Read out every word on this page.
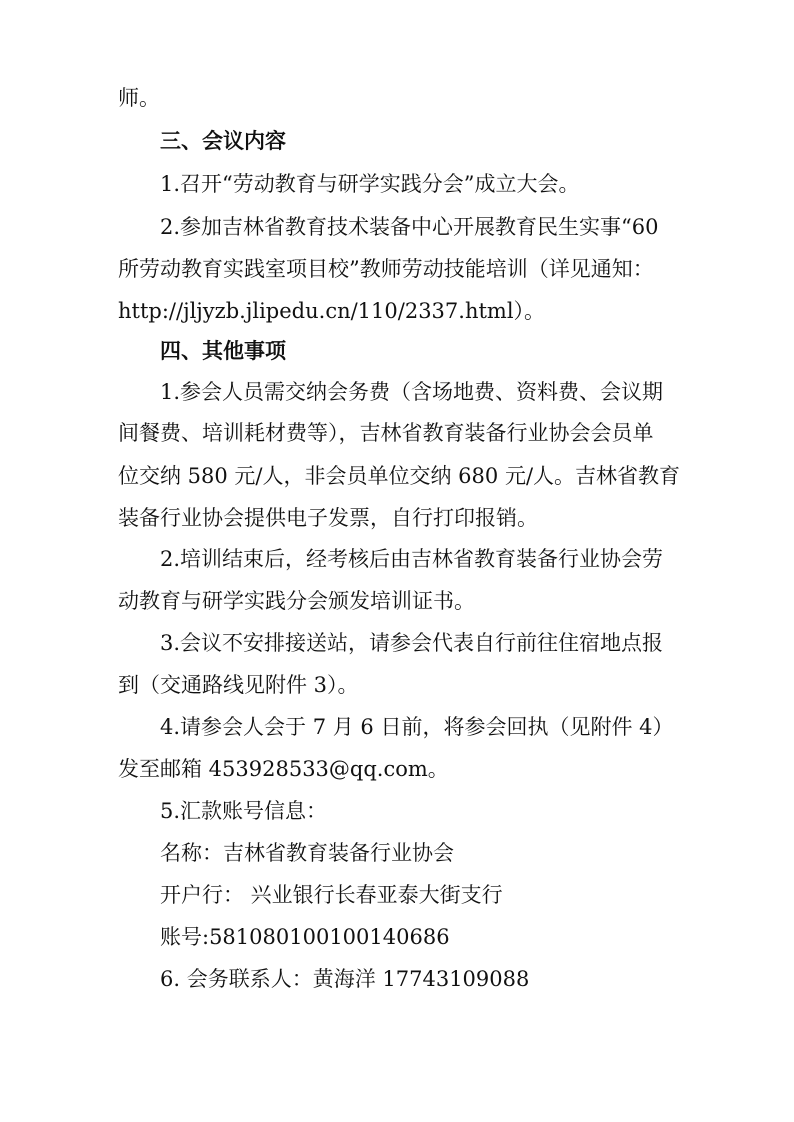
师。
三、会议内容
1.召开“劳动教育与研学实践分会”成立大会。
2.参加吉林省教育技术装备中心开展教育民生实事“60
所劳动教育实践室项目校”教师劳动技能培训（详见通知：
http://jljyzb.jlipedu.cn/110/2337.html）。
四、其他事项
1.参会人员需交纳会务费（含场地费、资料费、会议期
间餐费、培训耗材费等），吉林省教育装备行业协会会员单
位交纳 580 元/人，非会员单位交纳 680 元/人。吉林省教育
装备行业协会提供电子发票，自行打印报销。
2.培训结束后，经考核后由吉林省教育装备行业协会劳
动教育与研学实践分会颁发培训证书。
3.会议不安排接送站，请参会代表自行前往住宿地点报
到（交通路线见附件 3）。
4.请参会人会于 7 月 6 日前，将参会回执（见附件 4）
发至邮箱 453928533@qq.com。
5.汇款账号信息：
名称：吉林省教育装备行业协会
开户行： 兴业银行长春亚泰大街支行
账号:581080100100140686
6. 会务联系人：黄海洋 17743109088
